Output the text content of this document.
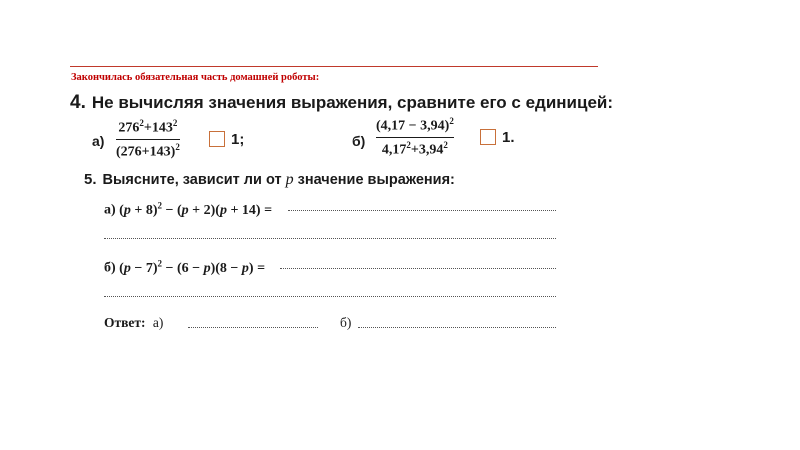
Закончилась обязательная часть домашней роботы:
4. Не вычисляя значения выражения, сравните его с единицей:
а)
$276^2+143^2$
$(276+143)^2$	1;	б)
$(4,17 - 3,94)^2$
$4,17^2+3,94^2$	1.
5. Выясните, зависит ли от p значение выражения:
а) $(p + 8)^2 - (p + 2)(p + 14)$ =
б) $(p - 7)^2 - (6 - p)(8 - p)$ =
Ответ: а)	б)
